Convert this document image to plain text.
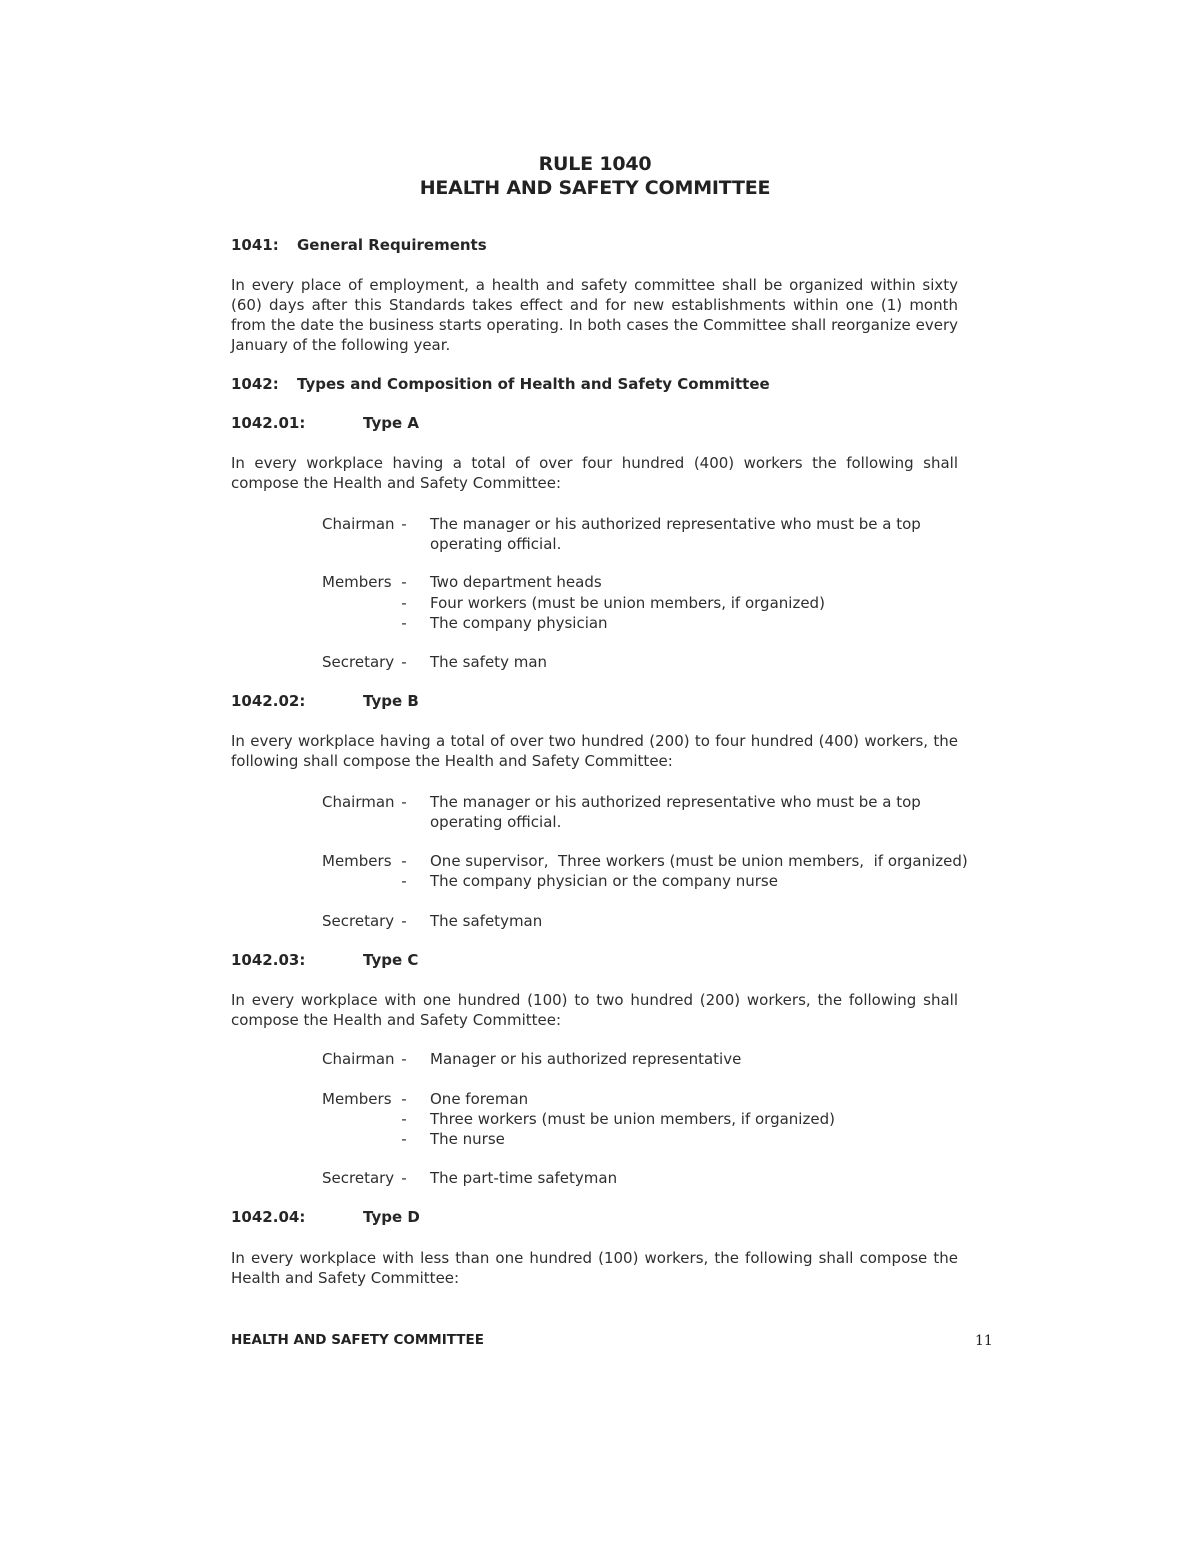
RULE 1040
HEALTH AND SAFETY COMMITTEE
1041: General Requirements
In every place of employment, a health and safety committee shall be organized within sixty (60) days after this Standards takes effect and for new establishments within one (1) month from the date the business starts operating. In both cases the Committee shall reorganize every January of the following year.
1042: Types and Composition of Health and Safety Committee
1042.01:	Type A
In every workplace having a total of over four hundred (400) workers the following shall compose the Health and Safety Committee:
Chairman - The manager or his authorized representative who must be a top operating official.
Members - Two department heads
- Four workers (must be union members, if organized)
- The company physician
Secretary - The safety man
1042.02:	Type B
In every workplace having a total of over two hundred (200) to four hundred (400) workers, the following shall compose the Health and Safety Committee:
Chairman - The manager or his authorized representative who must be a top operating official.
Members - One supervisor,  Three workers (must be union members,  if organized)
- The company physician or the company nurse
Secretary - The safetyman
1042.03:	Type C
In every workplace with one hundred (100) to two hundred (200) workers, the following shall compose the Health and Safety Committee:
Chairman - Manager or his authorized representative
Members - One foreman
- Three workers (must be union members, if organized)
- The nurse
Secretary - The part-time safetyman
1042.04:	Type D
In every workplace with less than one hundred (100) workers, the following shall compose the Health and Safety Committee:
HEALTH AND SAFETY COMMITTEE	11
